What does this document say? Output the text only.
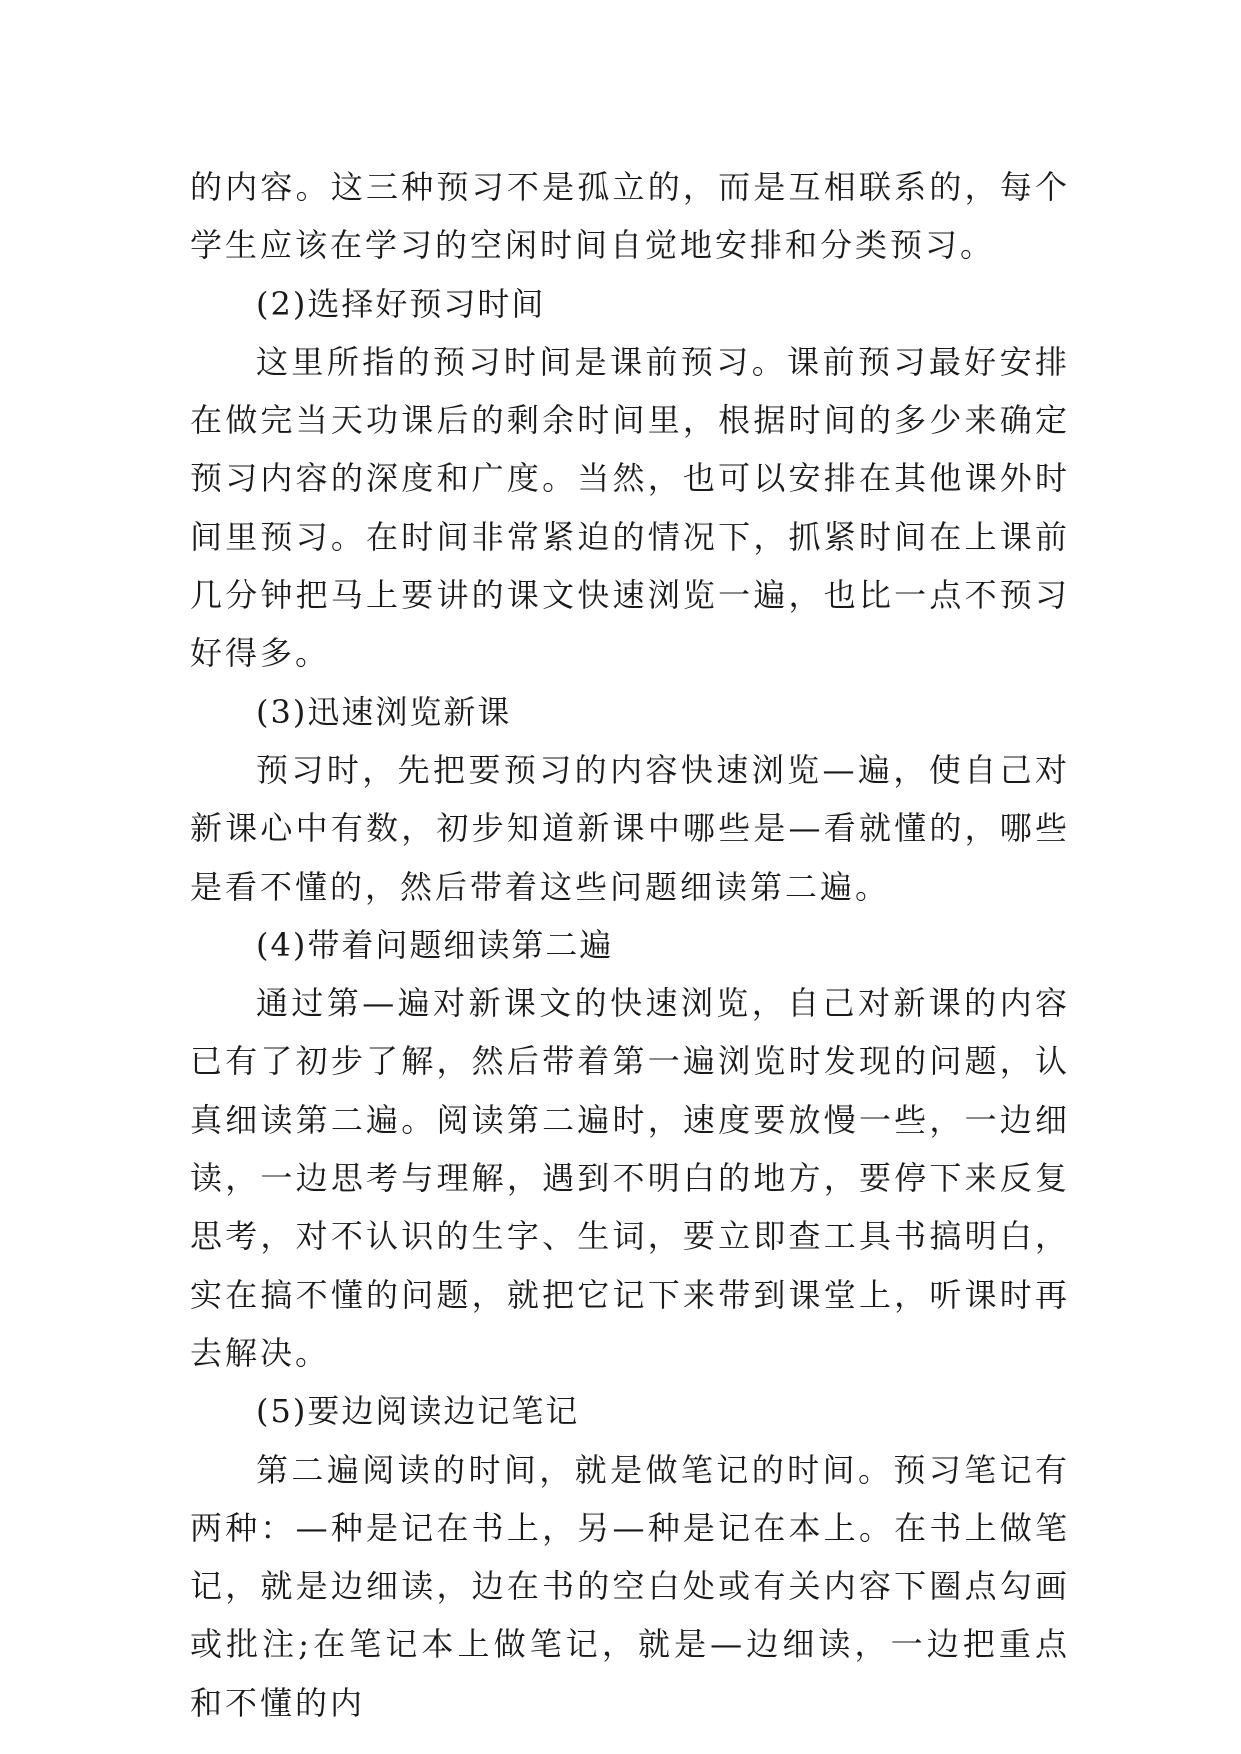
的内容。这三种预习不是孤立的，而是互相联系的，每个学生应该在学习的空闲时间自觉地安排和分类预习。

(2)选择好预习时间

这里所指的预习时间是课前预习。课前预习最好安排在做完当天功课后的剩余时间里，根据时间的多少来确定预习内容的深度和广度。当然，也可以安排在其他课外时间里预习。在时间非常紧迫的情况下，抓紧时间在上课前几分钟把马上要讲的课文快速浏览一遍，也比一点不预习好得多。

(3)迅速浏览新课

预习时，先把要预习的内容快速浏览—遍，使自己对新课心中有数，初步知道新课中哪些是—看就懂的，哪些是看不懂的，然后带着这些问题细读第二遍。

(4)带着问题细读第二遍

通过第—遍对新课文的快速浏览，自己对新课的内容已有了初步了解，然后带着第一遍浏览时发现的问题，认真细读第二遍。阅读第二遍时，速度要放慢一些，一边细读，一边思考与理解，遇到不明白的地方，要停下来反复思考，对不认识的生字、生词，要立即查工具书搞明白，实在搞不懂的问题，就把它记下来带到课堂上，听课时再去解决。

(5)要边阅读边记笔记

第二遍阅读的时间，就是做笔记的时间。预习笔记有两种：—种是记在书上，另—种是记在本上。在书上做笔记，就是边细读，边在书的空白处或有关内容下圈点勾画或批注;在笔记本上做笔记，就是—边细读，一边把重点和不懂的内
